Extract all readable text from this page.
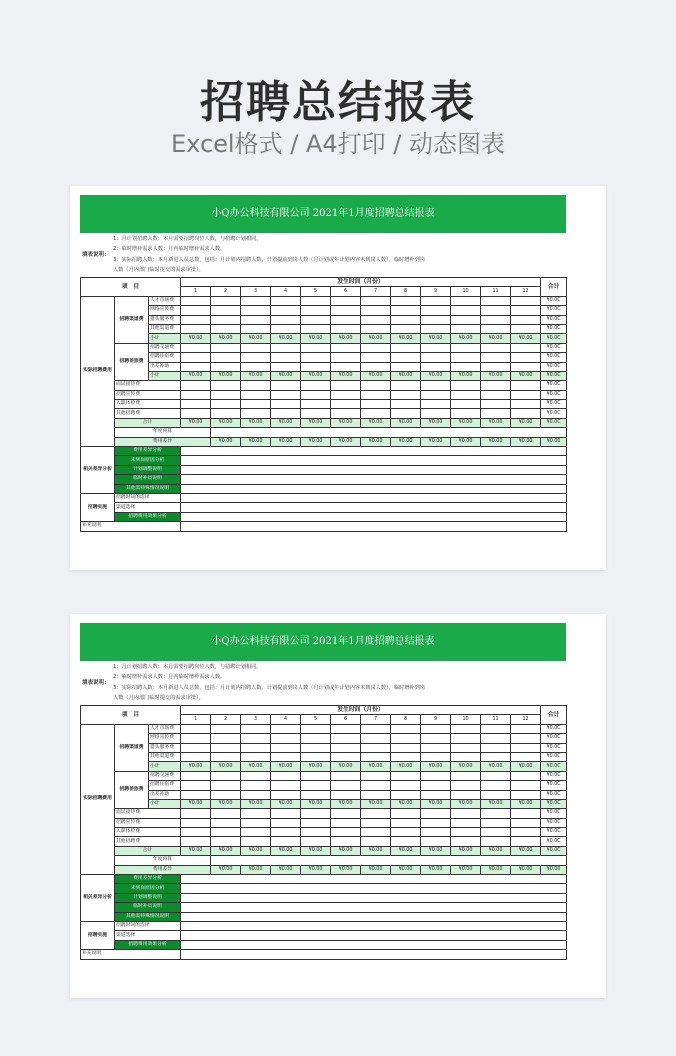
招聘总结报表
Excel格式 / A4打印 / 动态图表
小Q办公科技有限公司 2021年1月度招聘总结报表
填表说明：
1：月计划招聘人数：本月需要招聘岗位人数，与招聘计划相同。
2：临时增补需求人数：月内临时增补需求人数。
3：实际招聘人数：本月新进人员总数，包括：月计划内招聘人数、计划提前到岗人数（月计划或年计划内容未到岗人数）、临时增补到岗
人数（月内部门临时提交的需求审批）。
项　目			发生时间（月份）												合计	
			1	2	3	4	5	6	7	8	9	10	11	12		
实际招聘费用	招聘渠道费	人才市场费													¥0.0C	
		网络宣传费													¥0.0C	
		猎头服务费													¥0.0C	
		其他渠道费													¥0.0C	
		小计	¥0.00	¥0.00	¥0.00	¥0.00	¥0.00	¥0.00	¥0.00	¥0.00	¥0.00	¥0.00	¥0.00	¥0.00	¥0.0C	
	招聘差旅费	招聘交通费													¥0.0C	
		招聘住宿费													¥0.0C	
		出差补助													¥0.0C	
		小计	¥0.00	¥0.00	¥0.00	¥0.00	¥0.00	¥0.00	¥0.00	¥0.00	¥0.00	¥0.00	¥0.00	¥0.00	¥0.0C	
	面试接待费														¥0.0C	
	招聘宣传费														¥0.0C	
	入职体检费														¥0.0C	
	其他招聘费														¥0.0C	
	合计		¥0.00	¥0.00	¥0.00	¥0.00	¥0.00	¥0.00	¥0.00	¥0.00	¥0.00	¥0.00	¥0.00	¥0.00	¥0.0C	
	年度预算															
	费用差异			¥0.00	¥0.00	¥0.00	¥0.00	¥0.00	¥0.00	¥0.00	¥0.00	¥0.00	¥0.00	¥0.00	¥0.00	
相关差异分析	费用差异分析															
	未到岗原因分析															
	计划调整说明															
	临时补员说明															
	其他需特殊情况说明															
招聘实施	招聘时间的选择															
	渠道选择															
	招聘费用效果分析															
补充说明																
小Q办公科技有限公司 2021年1月度招聘总结报表
填表说明：
1：月计划招聘人数：本月需要招聘岗位人数，与招聘计划相同。
2：临时增补需求人数：月内临时增补需求人数。
3：实际招聘人数：本月新进人员总数，包括：月计划内招聘人数、计划提前到岗人数（月计划或年计划内容未到岗人数）、临时增补到岗
人数（月内部门临时提交的需求审批）。
项　目			发生时间（月份）												合计	
			1	2	3	4	5	6	7	8	9	10	11	12		
实际招聘费用	招聘渠道费	人才市场费													¥0.0C	
		网络宣传费													¥0.0C	
		猎头服务费													¥0.0C	
		其他渠道费													¥0.0C	
		小计	¥0.00	¥0.00	¥0.00	¥0.00	¥0.00	¥0.00	¥0.00	¥0.00	¥0.00	¥0.00	¥0.00	¥0.00	¥0.0C	
	招聘差旅费	招聘交通费													¥0.0C	
		招聘住宿费													¥0.0C	
		出差补助													¥0.0C	
		小计	¥0.00	¥0.00	¥0.00	¥0.00	¥0.00	¥0.00	¥0.00	¥0.00	¥0.00	¥0.00	¥0.00	¥0.00	¥0.0C	
	面试接待费														¥0.0C	
	招聘宣传费														¥0.0C	
	入职体检费														¥0.0C	
	其他招聘费														¥0.0C	
	合计		¥0.00	¥0.00	¥0.00	¥0.00	¥0.00	¥0.00	¥0.00	¥0.00	¥0.00	¥0.00	¥0.00	¥0.00	¥0.0C	
	年度预算															
	费用差异			¥0.00	¥0.00	¥0.00	¥0.00	¥0.00	¥0.00	¥0.00	¥0.00	¥0.00	¥0.00	¥0.00	¥0.00	
相关差异分析	费用差异分析															
	未到岗原因分析															
	计划调整说明															
	临时补员说明															
	其他需特殊情况说明															
招聘实施	招聘时间的选择															
	渠道选择															
	招聘费用效果分析															
补充说明																
